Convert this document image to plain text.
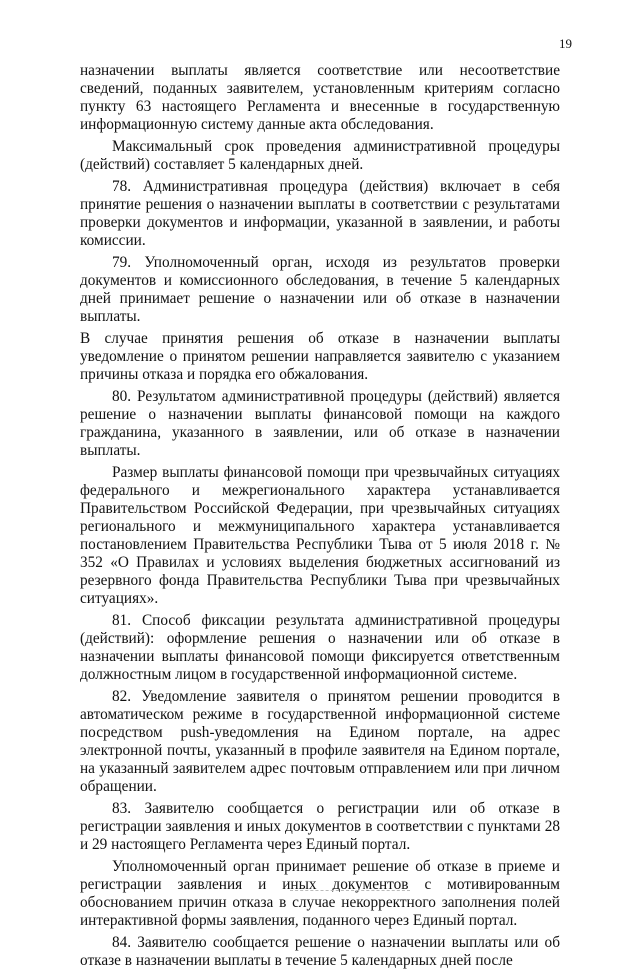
19

назначении выплаты является соответствие или несоответствие сведений, поданных заявителем, установленным критериям согласно пункту 63 настоящего Регламента и внесенные в государственную информационную систему данные акта обследования.

Максимальный срок проведения административной процедуры (действий) составляет 5 календарных дней.

78. Административная процедура (действия) включает в себя принятие решения о назначении выплаты в соответствии с результатами проверки документов и информации, указанной в заявлении, и работы комиссии.

79. Уполномоченный орган, исходя из результатов проверки документов и комиссионного обследования, в течение 5 календарных дней принимает решение о назначении или об отказе в назначении выплаты.

В случае принятия решения об отказе в назначении выплаты уведомление о принятом решении направляется заявителю с указанием причины отказа и порядка его обжалования.

80. Результатом административной процедуры (действий) является решение о назначении выплаты финансовой помощи на каждого гражданина, указанного в заявлении, или об отказе в назначении выплаты.

Размер выплаты финансовой помощи при чрезвычайных ситуациях федерального и межрегионального характера устанавливается Правительством Российской Федерации, при чрезвычайных ситуациях регионального и межмуниципального характера устанавливается постановлением Правительства Республики Тыва от 5 июля 2018 г. № 352 «О Правилах и условиях выделения бюджетных ассигнований из резервного фонда Правительства Республики Тыва при чрезвычайных ситуациях».

81. Способ фиксации результата административной процедуры (действий): оформление решения о назначении или об отказе в назначении выплаты финансовой помощи фиксируется ответственным должностным лицом в государственной информационной системе.

82. Уведомление заявителя о принятом решении проводится в автоматическом режиме в государственной информационной системе посредством push-уведомления на Едином портале, на адрес электронной почты, указанный в профиле заявителя на Едином портале, на указанный заявителем адрес почтовым отправлением или при личном обращении.

83. Заявителю сообщается о регистрации или об отказе в регистрации заявления и иных документов в соответствии с пунктами 28 и 29 настоящего Регламента через Единый портал.

Уполномоченный орган принимает решение об отказе в приеме и регистрации заявления и иных документов с мотивированным обоснованием причин отказа в случае некорректного заполнения полей интерактивной формы заявления, поданного через Единый портал.

84. Заявителю сообщается решение о назначении выплаты или об отказе в назначении выплаты в течение 5 календарных дней после
